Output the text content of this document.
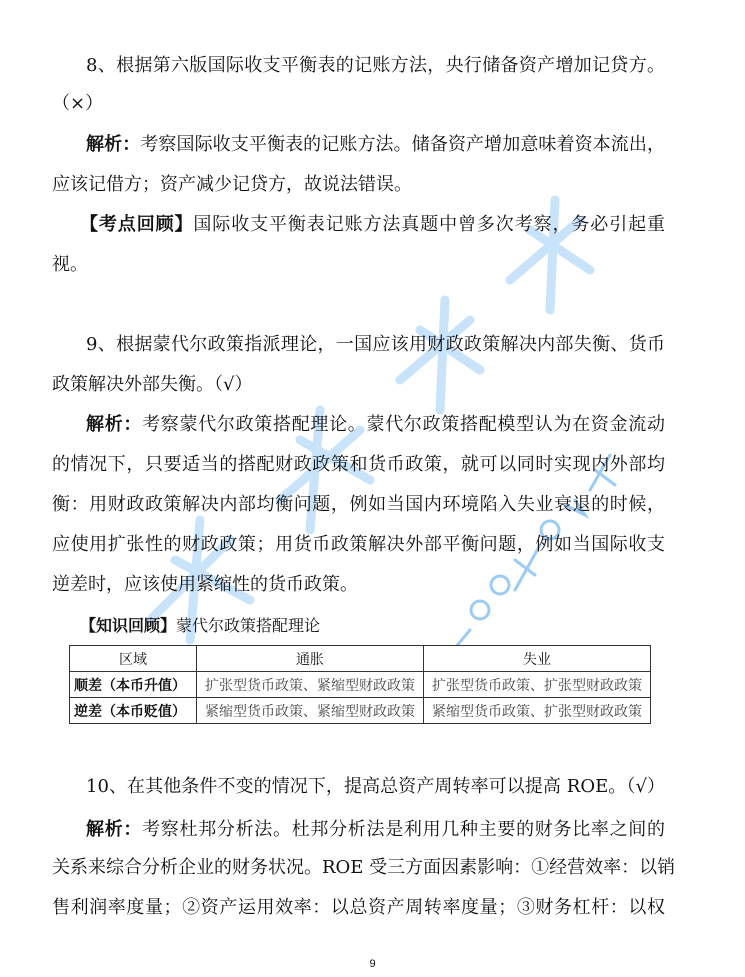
8、根据第六版国际收支平衡表的记账方法，央行储备资产增加记贷方。
（×）
解析：考察国际收支平衡表的记账方法。储备资产增加意味着资本流出，
应该记借方；资产减少记贷方，故说法错误。
【考点回顾】国际收支平衡表记账方法真题中曾多次考察，务必引起重
视。
9、根据蒙代尔政策指派理论，一国应该用财政政策解决内部失衡、货币
政策解决外部失衡。（√）
解析：考察蒙代尔政策搭配理论。蒙代尔政策搭配模型认为在资金流动
的情况下，只要适当的搭配财政政策和货币政策，就可以同时实现内外部均
衡：用财政政策解决内部均衡问题，例如当国内环境陷入失业衰退的时候，
应使用扩张性的财政政策；用货币政策解决外部平衡问题，例如当国际收支
逆差时，应该使用紧缩性的货币政策。
【知识回顾】蒙代尔政策搭配理论
区域	通胀	失业
顺差（本币升值）	扩张型货币政策、紧缩型财政政策	扩张型货币政策、扩张型财政政策
逆差（本币贬值）	紧缩型货币政策、紧缩型财政政策	紧缩型货币政策、扩张型财政政策
10、在其他条件不变的情况下，提高总资产周转率可以提高 ROE。（√）
解析：考察杜邦分析法。杜邦分析法是利用几种主要的财务比率之间的
关系来综合分析企业的财务状况。ROE 受三方面因素影响：①经营效率：以销
售利润率度量；②资产运用效率：以总资产周转率度量；③财务杠杆：以权
9
